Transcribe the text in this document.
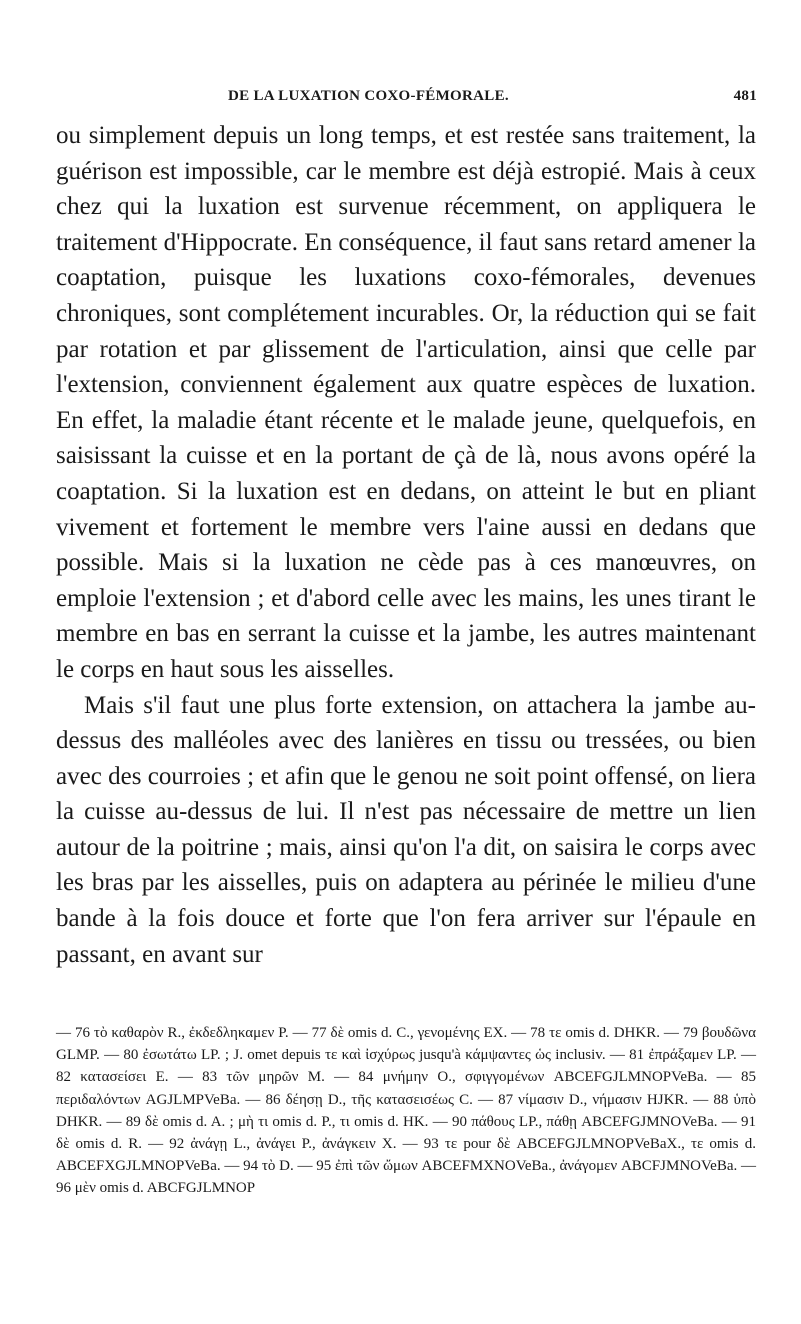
DE LA LUXATION COXO-FÉMORALE.	481

ou simplement depuis un long temps, et est restée sans traitement, la guérison est impossible, car le membre est déjà estropié. Mais à ceux chez qui la luxation est survenue récemment, on appliquera le traitement d'Hippocrate. En conséquence, il faut sans retard amener la coaptation, puisque les luxations coxo-fémorales, devenues chroniques, sont complétement incurables. Or, la réduction qui se fait par rotation et par glissement de l'articulation, ainsi que celle par l'extension, conviennent également aux quatre espèces de luxation. En effet, la maladie étant récente et le malade jeune, quelquefois, en saisissant la cuisse et en la portant de çà de là, nous avons opéré la coaptation. Si la luxation est en dedans, on atteint le but en pliant vivement et fortement le membre vers l'aine aussi en dedans que possible. Mais si la luxation ne cède pas à ces manœuvres, on emploie l'extension ; et d'abord celle avec les mains, les unes tirant le membre en bas en serrant la cuisse et la jambe, les autres maintenant le corps en haut sous les aisselles.

Mais s'il faut une plus forte extension, on attachera la jambe au-dessus des malléoles avec des lanières en tissu ou tressées, ou bien avec des courroies ; et afin que le genou ne soit point offensé, on liera la cuisse au-dessus de lui. Il n'est pas nécessaire de mettre un lien autour de la poitrine ; mais, ainsi qu'on l'a dit, on saisira le corps avec les bras par les aisselles, puis on adaptera au périnée le milieu d'une bande à la fois douce et forte que l'on fera arriver sur l'épaule en passant, en avant sur

— 76 τὸ καθαρὸν R., ἐκδεδληκαμεν P. — 77 δὲ omis d. C., γενομένης EX. — 78 τε omis d. DHKR. — 79 βουδῶνα GLMP. — 80 ἐσωτάτω LP. ; J. omet depuis τε καὶ ἰσχύρως jusqu'à κάμψαντες ὡς inclusiv. — 81 ἐπράξαμεν LP. — 82 κατασείσει E. — 83 τῶν μηρῶν M. — 84 μνήμην O., σφιγγομένων ABCEFGJLMNOPVeBa. — 85 περιδαλόντων AGJLMPVeBa. — 86 δέησῃ D., τῆς κατασεισέως C. — 87 νίμασιν D., νήμασιν HJKR. — 88 ὑπὸ DHKR. — 89 δὲ omis d. A. ; μὴ τι omis d. P., τι omis d. HK. — 90 πάθους LP., πάθῃ ABCEFGJMNOVeBa. — 91 δὲ omis d. R. — 92 ἀνάγῃ L., ἀνάγει P., ἀνάγκειν X. — 93 τε pour δὲ ABCEFGJLMNOPVeBaX., τε omis d. ABCEFXGJLMNOPVeBa. — 94 τὸ D. — 95 ἐπὶ τῶν ὤμων ABCEFMXNOVeBa., ἀνάγομεν ABCFJMNOVeBa. — 96 μὲν omis d. ABCFGJLMNOP
